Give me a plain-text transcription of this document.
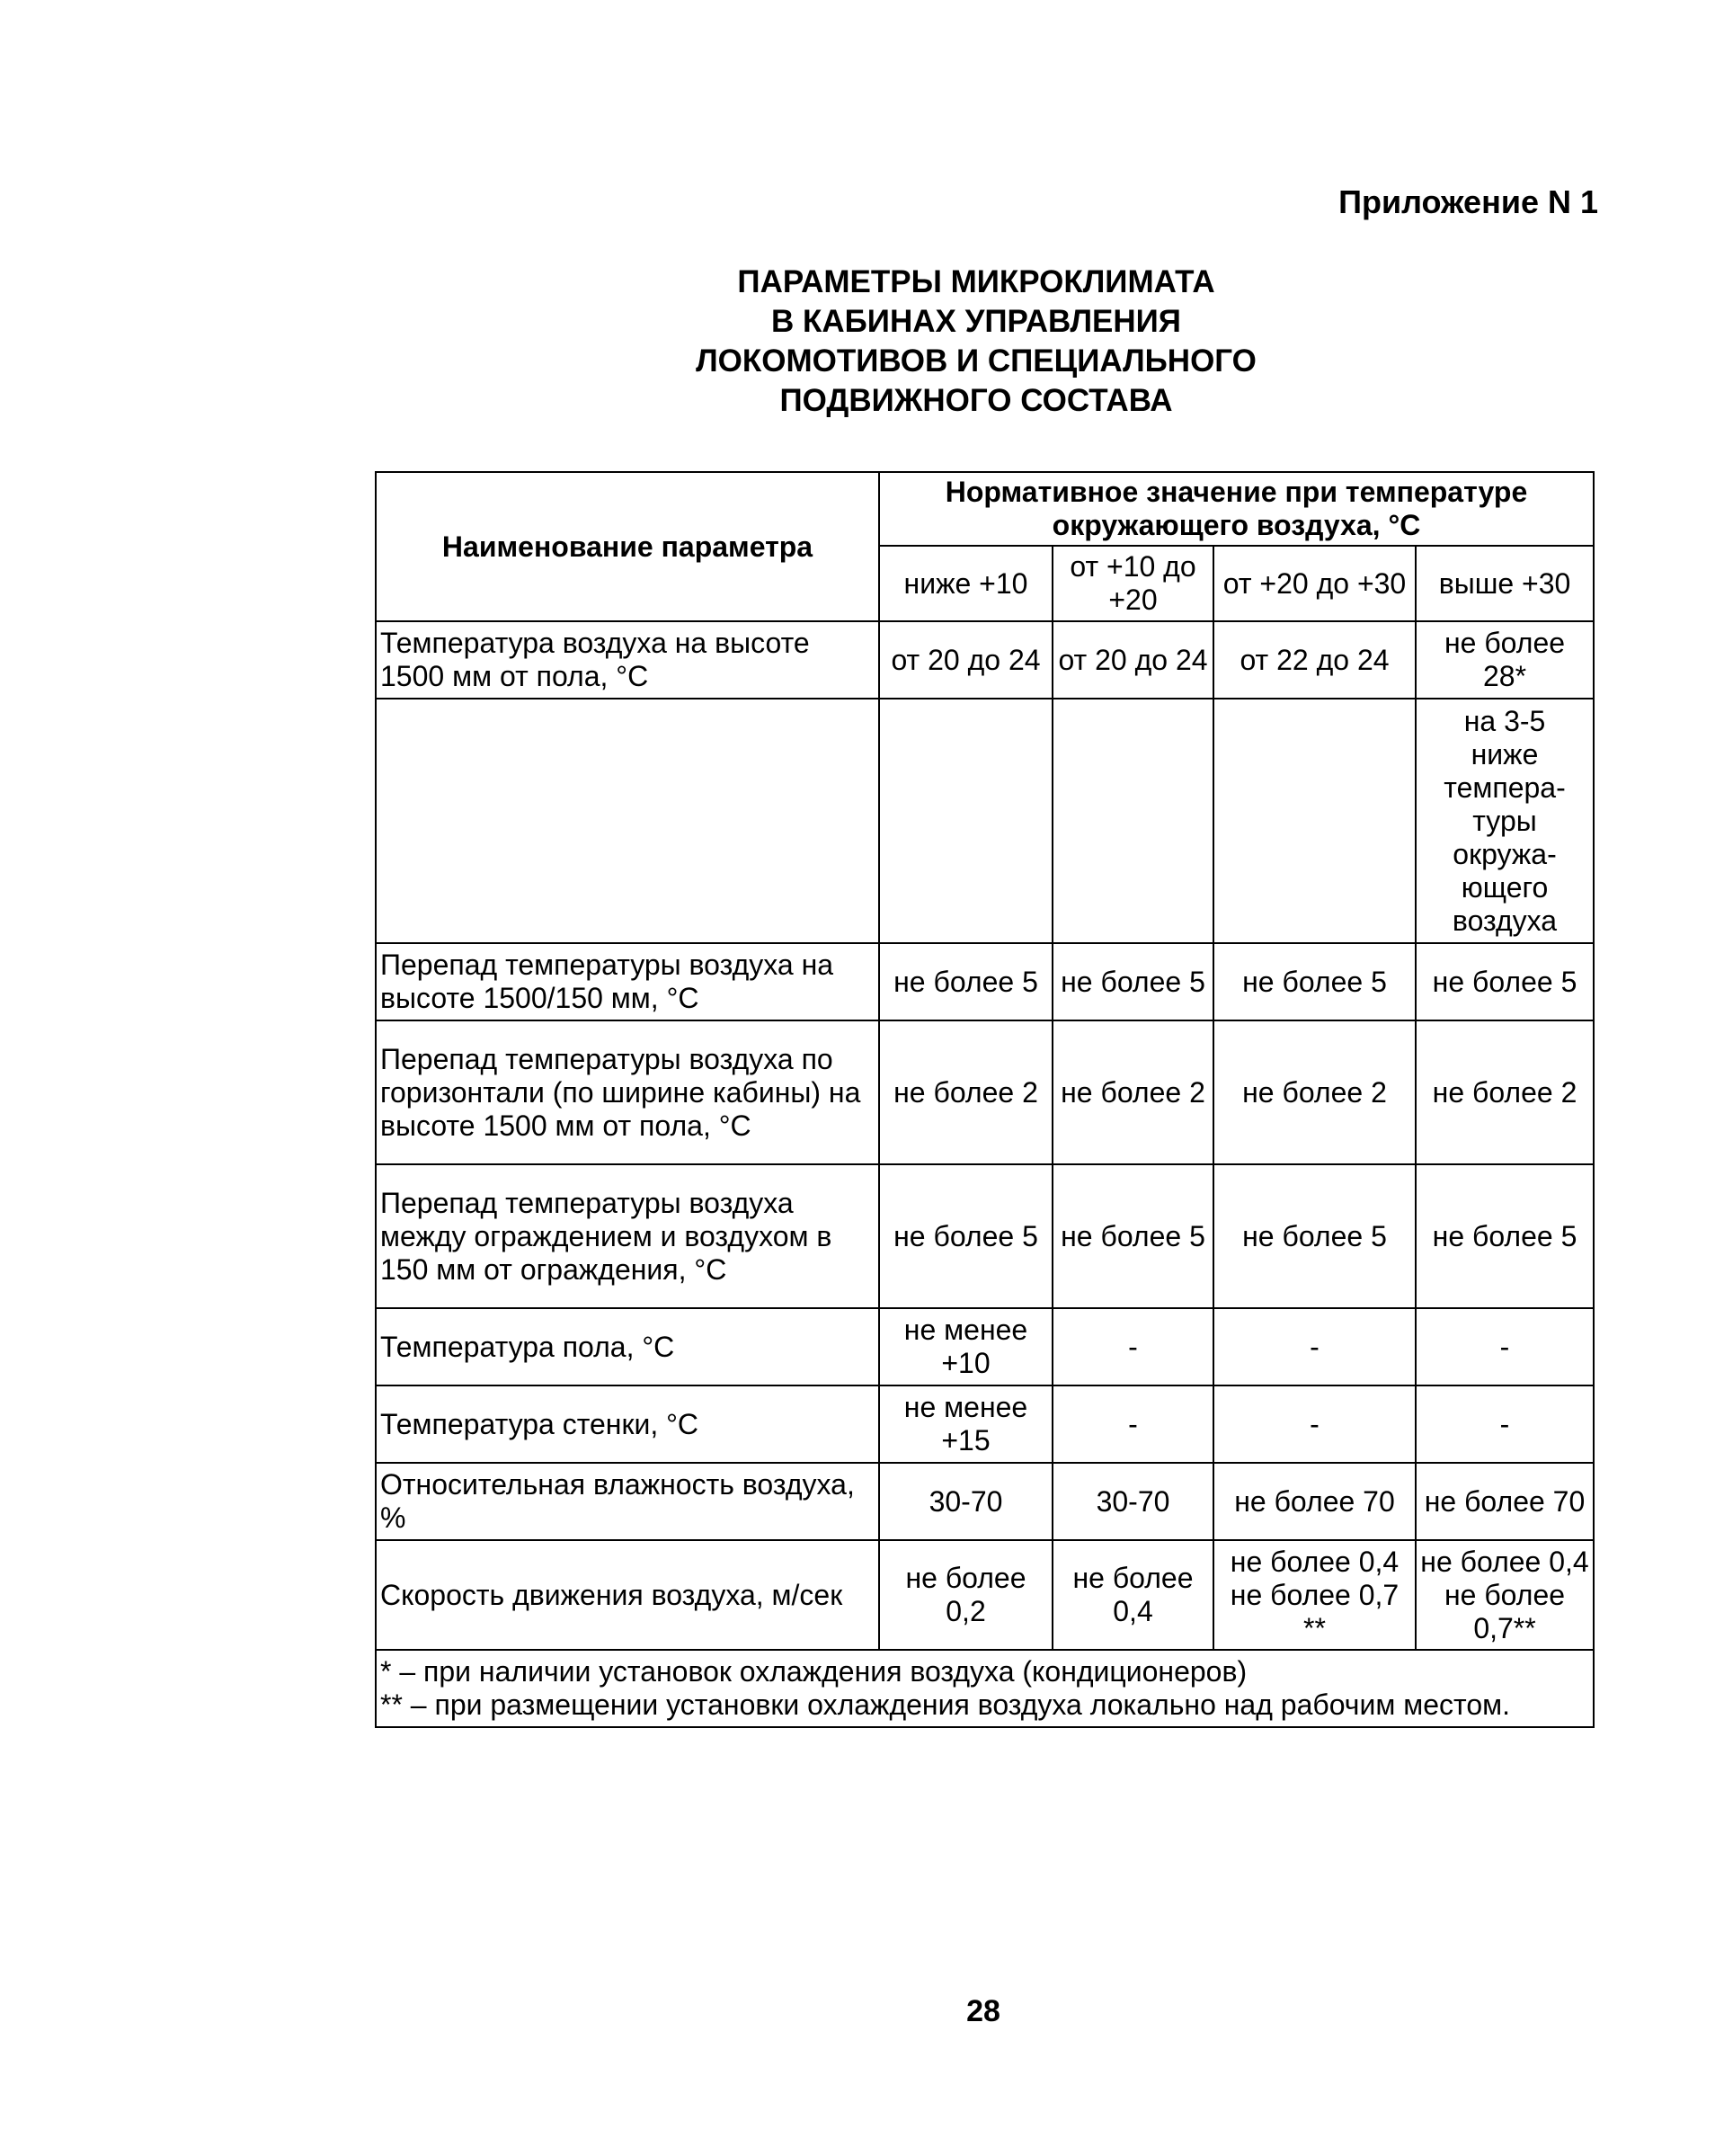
Приложение N 1
ПАРАМЕТРЫ МИКРОКЛИМАТА
В КАБИНАХ УПРАВЛЕНИЯ
ЛОКОМОТИВОВ И СПЕЦИАЛЬНОГО
ПОДВИЖНОГО СОСТАВА
Наименование параметра	Нормативное значение при температуре окружающего воздуха, °С			
	ниже +10	от +10 до +20	от +20 до +30	выше +30
Температура воздуха на высоте 1500 мм от пола, °С	от 20 до 24	от 20 до 24	от 22 до 24	не более 28*
				на 3-5 ниже темпера- туры окружа- ющего воздуха
Перепад температуры воздуха на высоте 1500/150 мм, °С	не более 5	не более 5	не более 5	не более 5
Перепад температуры воздуха по горизонтали (по ширине кабины) на высоте 1500 мм от пола, °С	не более 2	не более 2	не более 2	не более 2
Перепад температуры воздуха между ограждением и воздухом в 150 мм от ограждения, °С	не более 5	не более 5	не более 5	не более 5
Температура пола, °С	не менее +10	-	-	-
Температура стенки, °С	не менее +15	-	-	-
Относительная влажность воздуха, %	30-70	30-70	не более 70	не более 70
Скорость движения воздуха, м/сек	не более 0,2	не более 0,4	не более 0,4 не более 0,7 **	не более 0,4 не более 0,7**

* – при наличии установок охлаждения воздуха (кондиционеров)
** – при размещении установки охлаждения воздуха локально над рабочим местом.				
28
